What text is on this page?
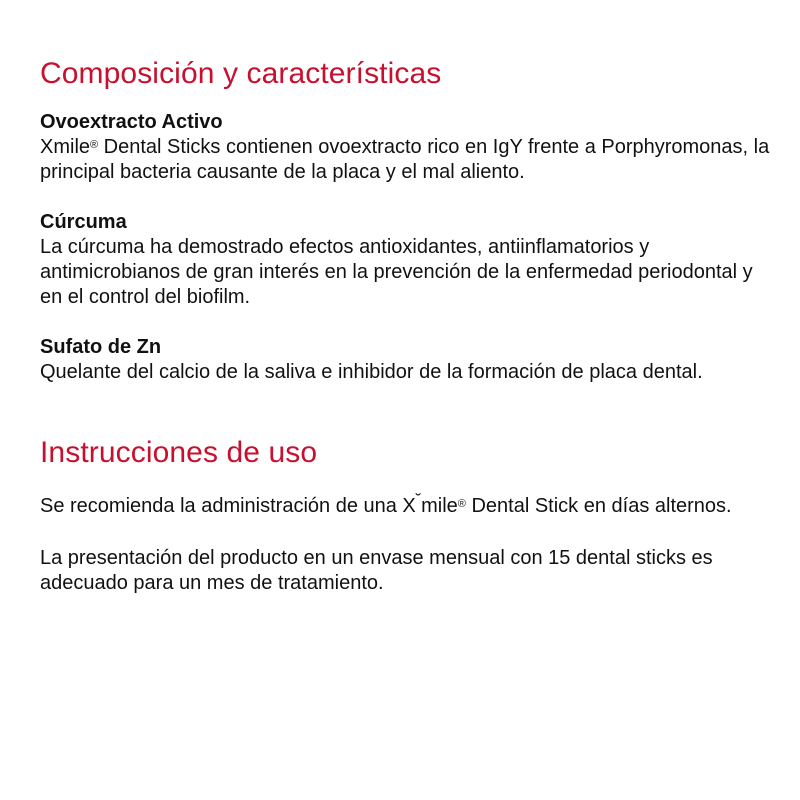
Composición y características
Ovoextracto Activo

Xmile® Dental Sticks contienen ovoextracto rico en IgY frente a Porphyromonas, la principal bacteria causante de la placa y el mal aliento.

Cúrcuma

La cúrcuma ha demostrado efectos antioxidantes, antiinflamatorios y antimicrobianos de gran interés en la prevención de la enfermedad periodontal y en el control del biofilm.

Sufato de Zn

Quelante del calcio de la saliva e inhibidor de la formación de placa dental.

Instrucciones de uso

Se recomienda la administración de una X˘mile® Dental Stick en días alternos.

La presentación del producto en un envase mensual con 15 dental sticks es adecuado para un mes de tratamiento.
